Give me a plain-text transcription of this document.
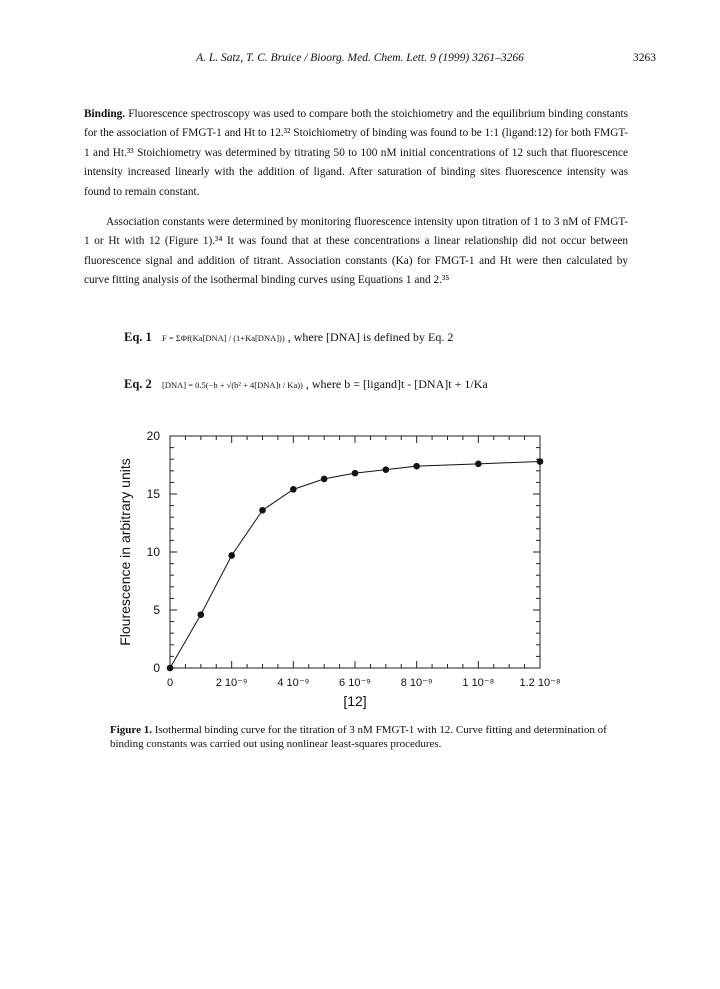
A. L. Satz, T. C. Bruice / Bioorg. Med. Chem. Lett. 9 (1999) 3261–3266	3263
Binding. Fluorescence spectroscopy was used to compare both the stoichiometry and the equilibrium binding constants for the association of FMGT-1 and Ht to 12.³² Stoichiometry of binding was found to be 1:1 (ligand:12) for both FMGT-1 and Ht.³³ Stoichiometry was determined by titrating 50 to 100 nM initial concentrations of 12 such that fluorescence intensity increased linearly with the addition of ligand. After saturation of binding sites fluorescence intensity was found to remain constant.
Association constants were determined by monitoring fluorescence intensity upon titration of 1 to 3 nM of FMGT-1 or Ht with 12 (Figure 1).³⁴ It was found that at these concentrations a linear relationship did not occur between fluorescence signal and addition of titrant. Association constants (Ka) for FMGT-1 and Ht were then calculated by curve fitting analysis of the isothermal binding curves using Equations 1 and 2.³⁵
Eq. 1 F = ΣΦf(Ka[DNA] / (1+Ka[DNA])) , where [DNA] is defined by Eq. 2
Eq. 2 [DNA] = 0.5(−b + √(b² + 4[DNA]t / Ka)) , where b = [ligand]t - [DNA]t + 1/Ka
0	2 10⁻⁹	4 10⁻⁹	6 10⁻⁹	8 10⁻⁹	1 10⁻⁸ 1.2 10⁻⁸
0
5
10
15
20
[12]
Flourescence in arbitrary units
Figure 1. Isothermal binding curve for the titration of 3 nM FMGT-1 with 12. Curve fitting and determination of binding constants was carried out using nonlinear least-squares procedures.
